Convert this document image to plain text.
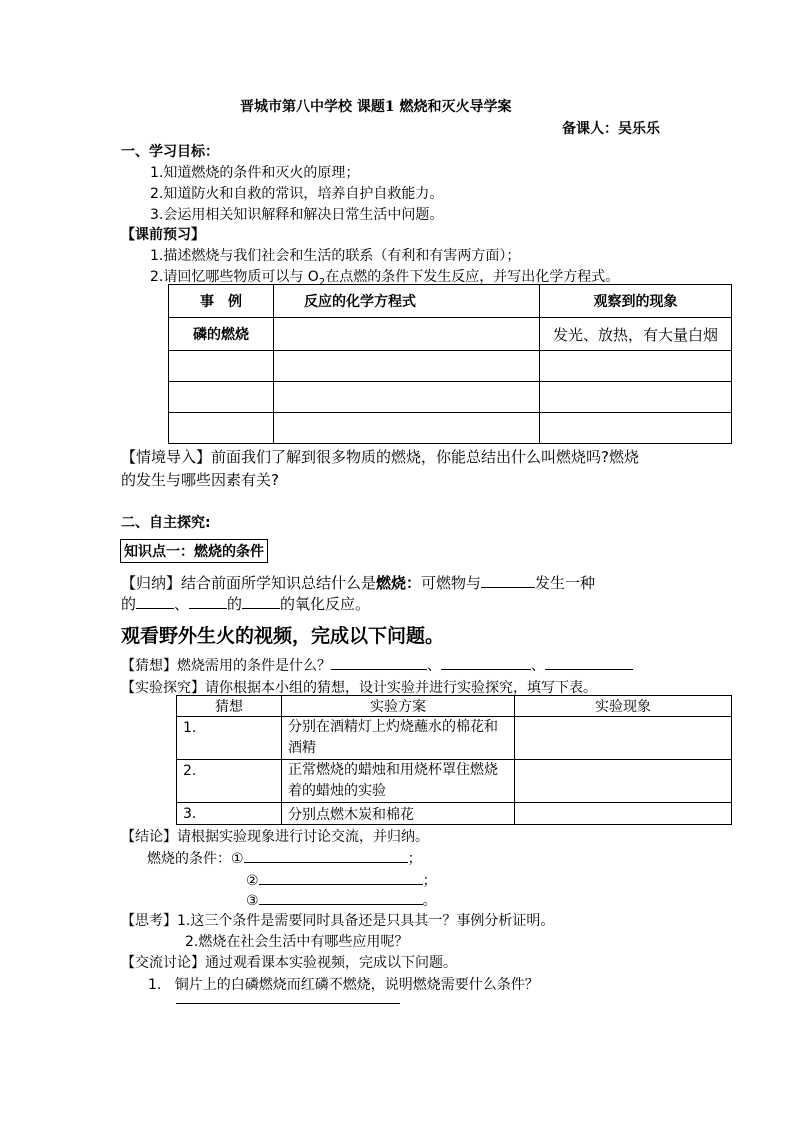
晋城市第八中学校 课题1 燃烧和灭火导学案
备课人：吴乐乐
一、学习目标：
1.知道燃烧的条件和灭火的原理；
2.知道防火和自救的常识，培养自护自救能力。
3.会运用相关知识解释和解决日常生活中问题。
【课前预习】
1.描述燃烧与我们社会和生活的联系（有利和有害两方面）；
2.请回忆哪些物质可以与 $O_2$在点燃的条件下发生反应，并写出化学方程式。
事　例	反应的化学方程式	观察到的现象
磷的燃烧		发光、放热，有大量白烟

【情境导入】前面我们了解到很多物质的燃烧，你能总结出什么叫燃烧吗?燃烧
的发生与哪些因素有关?
二、自主探究:
知识点一：燃烧的条件
【归纳】结合前面所学知识总结什么是燃烧：可燃物与	发生一种
的	、	的	的氧化反应。
观看野外生火的视频，完成以下问题。
【猜想】燃烧需用的条件是什么？	、	、
【实验探究】请你根据本小组的猜想，设计实验并进行实验探究，填写下表。
猜想	实验方案	实验现象
1.	分别在酒精灯上灼烧蘸水的棉花和酒精	
2.	正常燃烧的蜡烛和用烧杯罩住燃烧着的蜡烛的实验	
3.	分别点燃木炭和棉花	
【结论】请根据实验现象进行讨论交流，并归纳。
燃烧的条件：①	；
②	；
③	。
【思考】1.这三个条件是需要同时具备还是只具其一？事例分析证明。
2.燃烧在社会生活中有哪些应用呢？
【交流讨论】通过观看课本实验视频，完成以下问题。
1. 铜片上的白磷燃烧而红磷不燃烧，说明燃烧需要什么条件？
